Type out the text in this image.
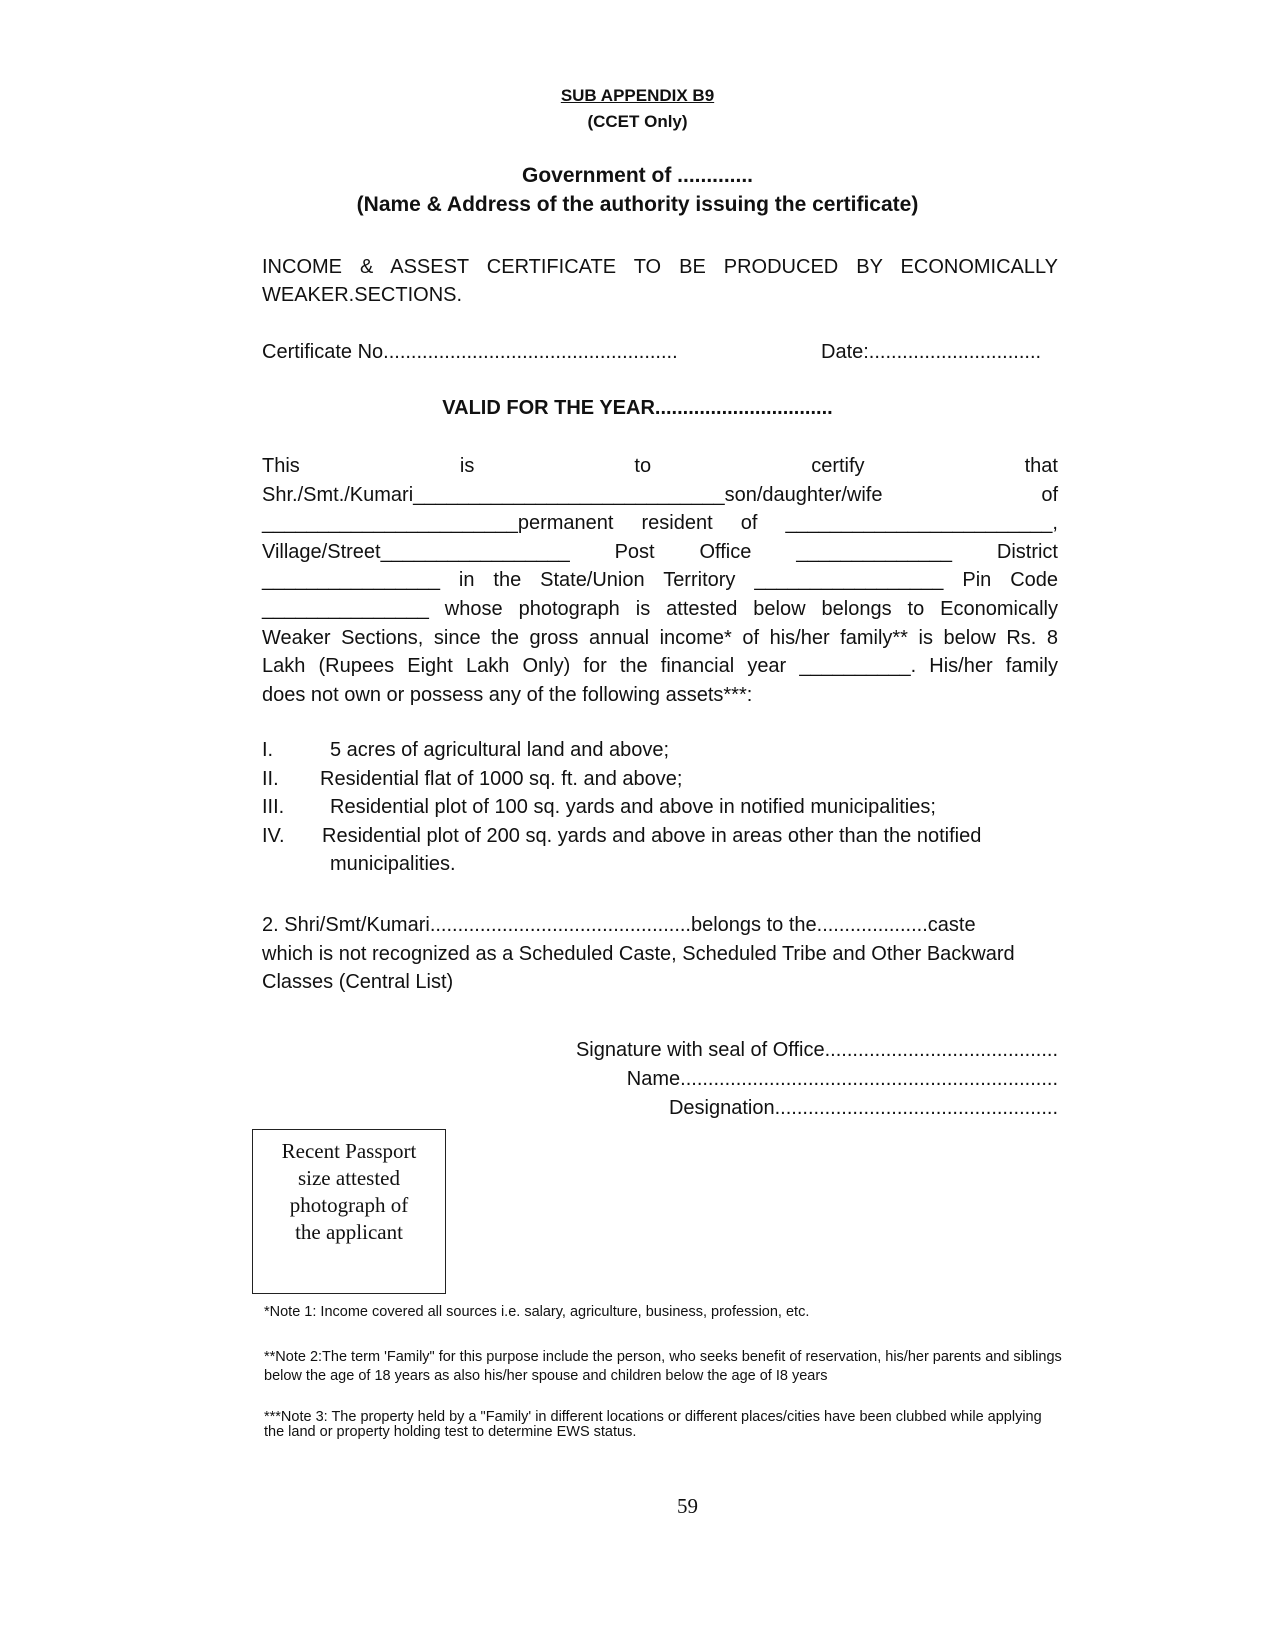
SUB APPENDIX B9
(CCET Only)
Government of .............
(Name & Address of the authority issuing the certificate)
INCOME & ASSEST CERTIFICATE TO BE PRODUCED BY ECONOMICALLY
WEAKER.SECTIONS.
Certificate No.....................................................	Date:...............................
VALID FOR THE YEAR................................
This is to certify that
Shr./Smt./Kumari____________________________son/daughter/wife of
_______________________permanent resident of ________________________,
Village/Street_________________ Post Office ______________ District
________________ in the State/Union Territory _________________ Pin Code
_______________ whose photograph is attested below belongs to Economically
Weaker Sections, since the gross annual income* of his/her family** is below Rs. 8
Lakh (Rupees Eight Lakh Only) for the financial year __________. His/her family
does not own or possess any of the following assets***:
I.	5 acres of agricultural land and above;
II. Residential flat of 1000 sq. ft. and above;
III. Residential plot of 100 sq. yards and above in notified municipalities;
IV. Residential plot of 200 sq. yards and above in areas other than the notified
municipalities.
2. Shri/Smt/Kumari...............................................belongs to the....................caste
which is not recognized as a Scheduled Caste, Scheduled Tribe and Other Backward
Classes (Central List)
Signature with seal of Office..........................................
Name....................................................................
Designation...................................................
Recent Passport
size attested
photograph of
the applicant
*Note 1: Income covered all sources i.e. salary, agriculture, business, profession, etc.
**Note 2:The term 'Family" for this purpose include the person, who seeks benefit of reservation, his/her parents and siblings below the age of 18 years as also his/her spouse and children below the age of I8 years
***Note 3: The property held by a "Family' in different locations or different places/cities have been clubbed while applying the land or property holding test to determine EWS status.
59
